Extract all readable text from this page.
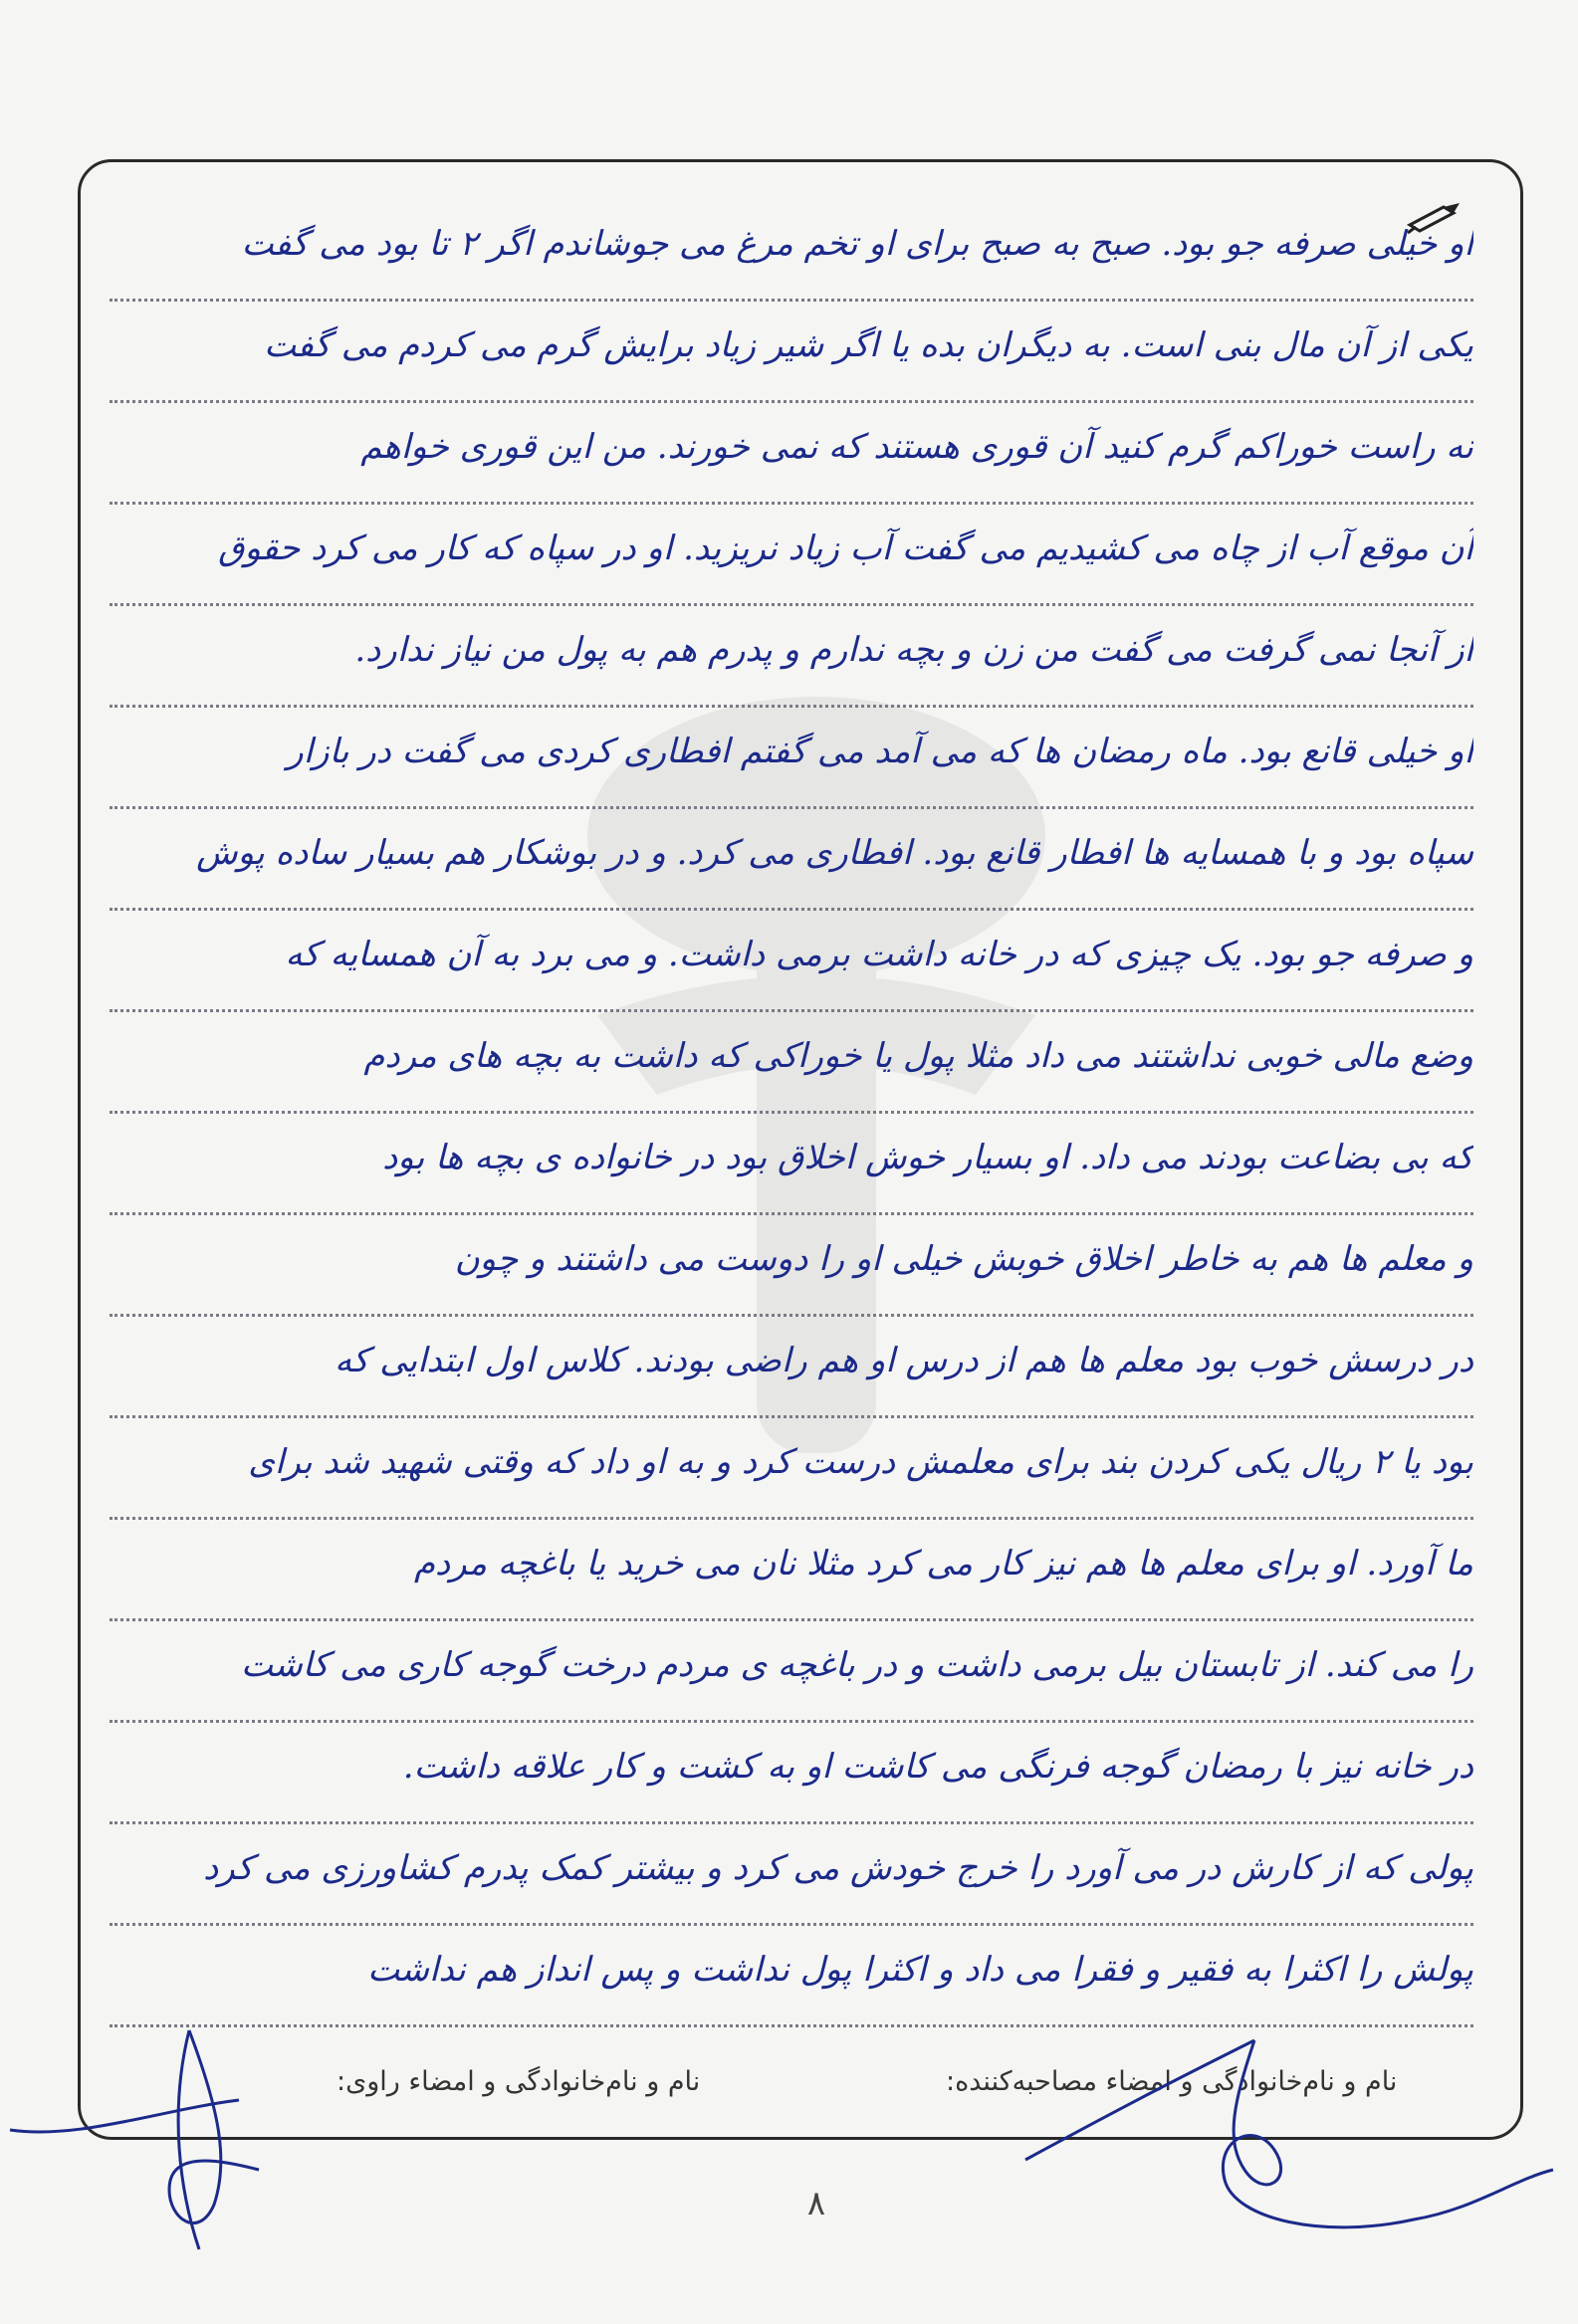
او خیلی صرفه جو بود. صبح به صبح برای او تخم مرغ می جوشاندم اگر ۲ تا بود می گفت
یکی از آن مال بنی است. به دیگران بده یا اگر شیر زیاد برایش گرم می کردم می گفت
نه راست خوراکم گرم کنید آن قوری هستند که نمی خورند. من این قوری خواهم
آن موقع آب از چاه می کشیدیم می گفت آب زیاد نریزید. او در سپاه که کار می کرد حقوق
از آنجا نمی گرفت می گفت من زن و بچه ندارم و پدرم هم به پول من نیاز ندارد.
او خیلی قانع بود. ماه رمضان ها که می آمد می گفتم افطاری کردی می گفت در بازار
سپاه بود و با همسایه ها افطار قانع بود. افطاری می کرد. و در بوشکار هم بسیار ساده پوش
و صرفه جو بود. یک چیزی که در خانه داشت برمی داشت. و می برد به آن همسایه که
وضع مالی خوبی نداشتند می داد مثلا پول یا خوراکی که داشت به بچه های مردم
که بی بضاعت بودند می داد. او بسیار خوش اخلاق بود در خانواده ی بچه ها بود
و معلم ها هم به خاطر اخلاق خوبش خیلی او را دوست می داشتند و چون
در درسش خوب بود معلم ها هم از درس او هم راضی بودند. کلاس اول ابتدایی که
بود یا ۲ ریال یکی کردن بند برای معلمش درست کرد و به او داد که وقتی شهید شد برای
ما آورد. او برای معلم ها هم نیز کار می کرد مثلا نان می خرید یا باغچه مردم
را می کند. از تابستان بیل برمی داشت و در باغچه ی مردم درخت گوجه کاری می کاشت
در خانه نیز با رمضان گوجه فرنگی می کاشت او به کشت و کار علاقه داشت.
پولی که از کارش در می آورد را خرج خودش می کرد و بیشتر کمک پدرم کشاورزی می کرد
پولش را اکثرا به فقیر و فقرا می داد و اکثرا پول نداشت و پس انداز هم نداشت
نام و نام‌خانوادگی و امضاء مصاحبه‌کننده:
نام و نام‌خانوادگی و امضاء راوی:
۸
